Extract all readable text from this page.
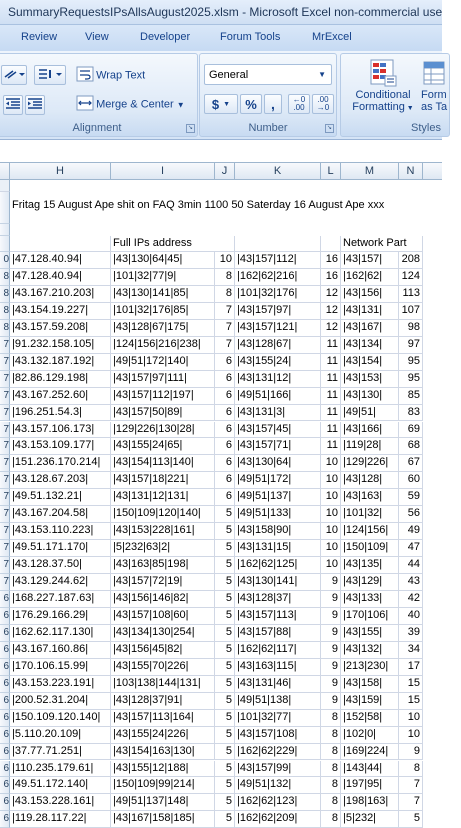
SummaryRequestsIPsAllsAugust2025.xlsm - Microsoft Excel non-commercial use
Review	View	Developer	Forum Tools	MrExcel
Wrap Text
Merge & Center ▼
Alignment	↘
General	▼
$ ▼ % , ←0
.00
.00
→0
Number	↘
Conditional
Formatting ▼
Form
as Ta
Styles
H	I	J	K	L	M	N
Fritag 15 August Ape shit on FAQ 3min 1100 50 Saterday 16 August Ape xxx
Full IPs address	Network Part
0 |47.128.40.94|	|43|130|64|45|	10 |43|157|112|	16 |43|157|	208
8 |47.128.40.94|	|101|32|77|9|	8 |162|62|216|	16 |162|62|	124
8 |43.167.210.203|	|43|130|141|85|	8 |101|32|176|	12 |43|156|	113
8 |43.154.19.227|	|101|32|176|85|	7 |43|157|97|	12 |43|131|	107
8 |43.157.59.208|	|43|128|67|175|	7 |43|157|121|	12 |43|167|	98
7 |91.232.158.105|	|124|156|216|238|	7 |43|128|67|	11 |43|134|	97
7 |43.132.187.192|	|49|51|172|140|	6 |43|155|24|	11 |43|154|	95
7 |82.86.129.198|	|43|157|97|111|	6 |43|131|12|	11 |43|153|	95
7 |43.167.252.60|	|43|157|112|197|	6 |49|51|166|	11 |43|130|	85
7 |196.251.54.3|	|43|157|50|89|	6 |43|131|3|	11 |49|51|	83
7 |43.157.106.173|	|129|226|130|28|	6 |43|157|45|	11 |43|166|	69
7 |43.153.109.177|	|43|155|24|65|	6 |43|157|71|	11 |119|28|	68
7 |151.236.170.214|	|43|154|113|140|	6 |43|130|64|	10 |129|226|	67
7 |43.128.67.203|	|43|157|18|221|	6 |49|51|172|	10 |43|128|	60
7 |49.51.132.21|	|43|131|12|131|	6 |49|51|137|	10 |43|163|	59
7 |43.167.204.58|	|150|109|120|140|	5 |49|51|133|	10 |101|32|	56
7 |43.153.110.223|	|43|153|228|161|	5 |43|158|90|	10 |124|156|	49
7 |49.51.171.170|	|5|232|63|2|	5 |43|131|15|	10 |150|109|	47
7 |43.128.37.50|	|43|163|85|198|	5 |162|62|125|	10 |43|135|	44
7 |43.129.244.62|	|43|157|72|19|	5 |43|130|141|	9 |43|129|	43
6 |168.227.187.63|	|43|156|146|82|	5 |43|128|37|	9 |43|133|	42
6 |176.29.166.29|	|43|157|108|60|	5 |43|157|113|	9 |170|106|	40
6 |162.62.117.130|	|43|134|130|254|	5 |43|157|88|	9 |43|155|	39
6 |43.167.160.86|	|43|156|45|82|	5 |162|62|117|	9 |43|132|	34
6 |170.106.15.99|	|43|155|70|226|	5 |43|163|115|	9 |213|230|	17
6 |43.153.223.191|	|103|138|144|131|	5 |43|131|46|	9 |43|158|	15
6 |200.52.31.204|	|43|128|37|91|	5 |49|51|138|	9 |43|159|	15
6 |150.109.120.140|	|43|157|113|164|	5 |101|32|77|	8 |152|58|	10
6 |5.110.20.109|	|43|155|24|226|	5 |43|157|108|	8 |102|0|	10
6 |37.77.71.251|	|43|154|163|130|	5 |162|62|229|	8 |169|224|	9
6 |110.235.179.61|	|43|155|12|188|	5 |43|157|99|	8 |143|44|	8
6 |49.51.172.140|	|150|109|99|214|	5 |49|51|132|	8 |197|95|	7
6 |43.153.228.161|	|49|51|137|148|	5 |162|62|123|	8 |198|163|	7
6 |119.28.117.22|	|43|167|158|185|	5 |162|62|209|	8 |5|232|	5
